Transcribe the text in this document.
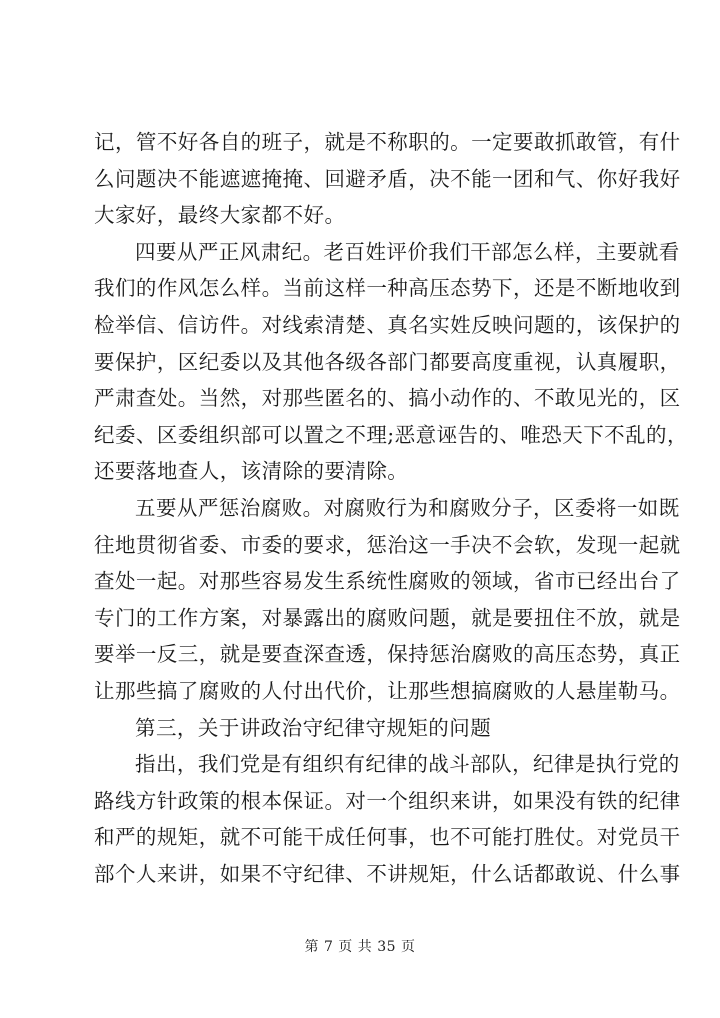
记，管不好各自的班子，就是不称职的。一定要敢抓敢管，有什
么问题决不能遮遮掩掩、回避矛盾，决不能一团和气、你好我好
大家好，最终大家都不好。
四要从严正风肃纪。老百姓评价我们干部怎么样，主要就看
我们的作风怎么样。当前这样一种高压态势下，还是不断地收到
检举信、信访件。对线索清楚、真名实姓反映问题的，该保护的
要保护，区纪委以及其他各级各部门都要高度重视，认真履职，
严肃查处。当然，对那些匿名的、搞小动作的、不敢见光的，区
纪委、区委组织部可以置之不理;恶意诬告的、唯恐天下不乱的，
还要落地查人，该清除的要清除。
五要从严惩治腐败。对腐败行为和腐败分子，区委将一如既
往地贯彻省委、市委的要求，惩治这一手决不会软，发现一起就
查处一起。对那些容易发生系统性腐败的领域，省市已经出台了
专门的工作方案，对暴露出的腐败问题，就是要扭住不放，就是
要举一反三，就是要查深查透，保持惩治腐败的高压态势，真正
让那些搞了腐败的人付出代价，让那些想搞腐败的人悬崖勒马。
第三，关于讲政治守纪律守规矩的问题
指出，我们党是有组织有纪律的战斗部队，纪律是执行党的
路线方针政策的根本保证。对一个组织来讲，如果没有铁的纪律
和严的规矩，就不可能干成任何事，也不可能打胜仗。对党员干
部个人来讲，如果不守纪律、不讲规矩，什么话都敢说、什么事
第 7 页 共 35 页
